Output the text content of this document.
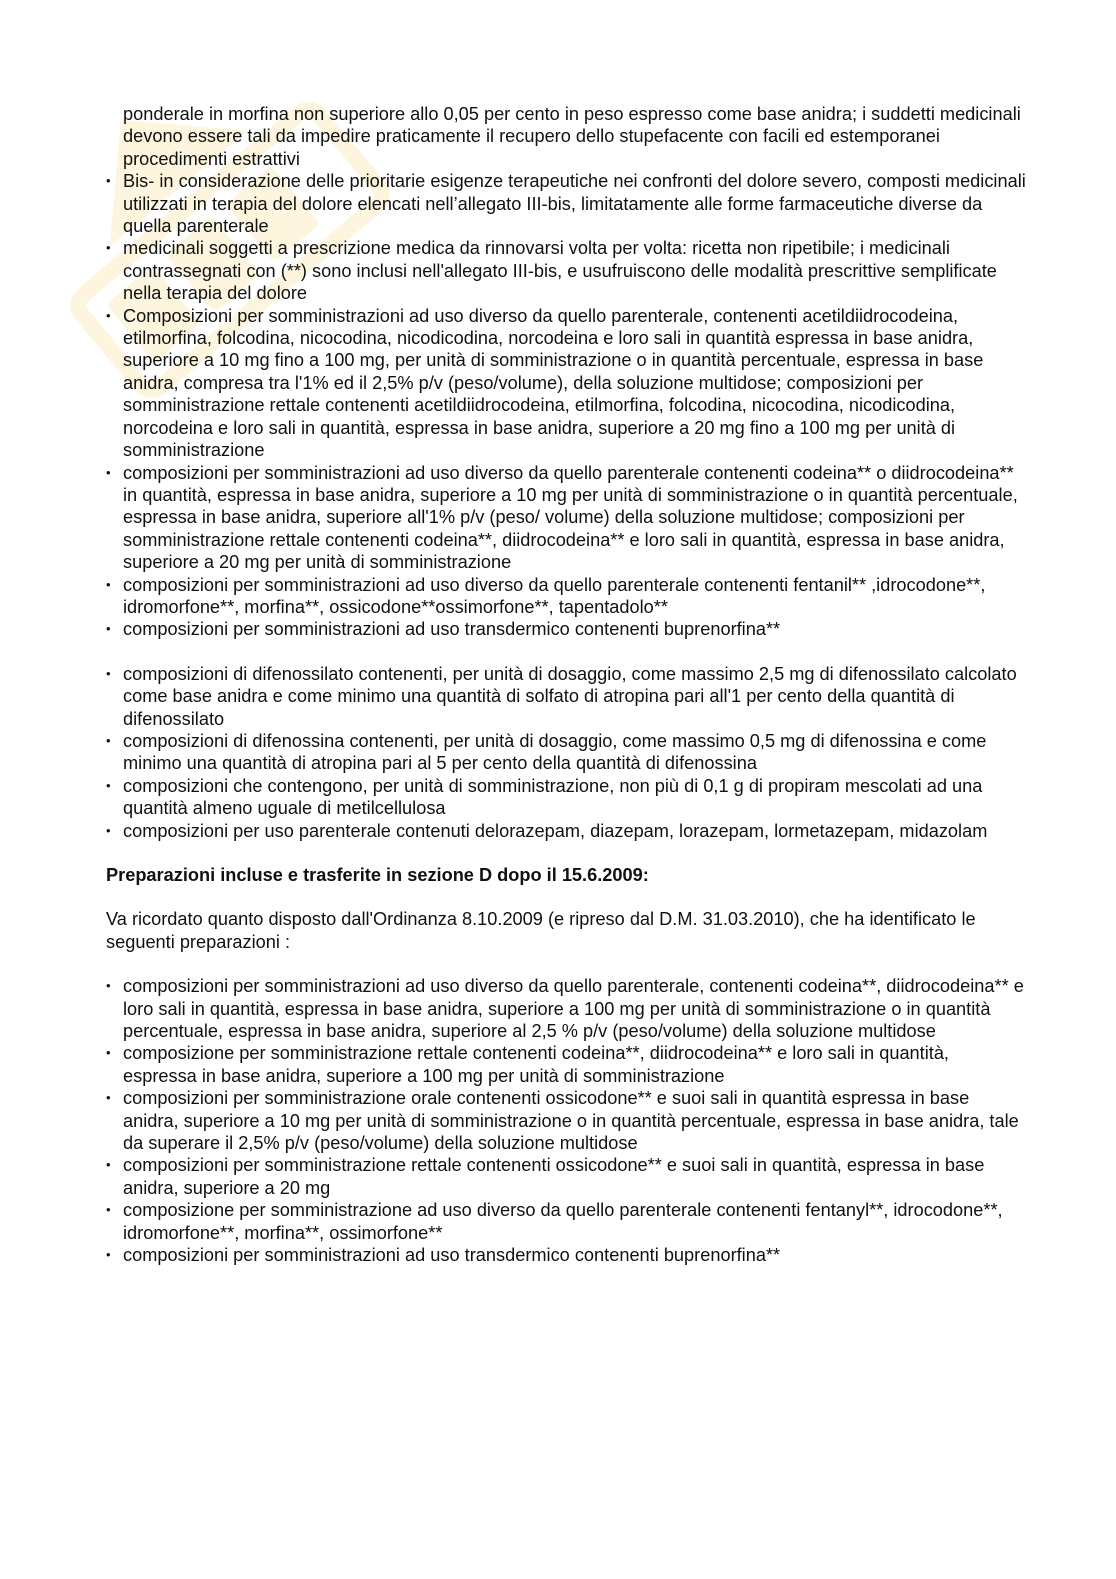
ponderale in morfina non superiore allo 0,05 per cento in peso espresso come base anidra; i suddetti medicinali devono essere tali da impedire praticamente il recupero dello stupefacente con facili ed estemporanei procedimenti estrattivi

• Bis- in considerazione delle prioritarie esigenze terapeutiche nei confronti del dolore severo, composti medicinali utilizzati in terapia del dolore elencati nell’allegato III-bis, limitatamente alle forme farmaceutiche diverse da quella parenterale
• medicinali soggetti a prescrizione medica da rinnovarsi volta per volta: ricetta non ripetibile; i medicinali contrassegnati con (**) sono inclusi nell'allegato III-bis, e usufruiscono delle modalità prescrittive semplificate nella terapia del dolore
• Composizioni per somministrazioni ad uso diverso da quello parenterale, contenenti acetildiidrocodeina, etilmorfina, folcodina, nicocodina, nicodicodina, norcodeina e loro sali in quantità espressa in base anidra, superiore a 10 mg fino a 100 mg, per unità di somministrazione o in quantità percentuale, espressa in base anidra, compresa tra l'1% ed il 2,5% p/v (peso/volume), della soluzione multidose; composizioni per somministrazione rettale contenenti acetildiidrocodeina, etilmorfina, folcodina, nicocodina, nicodicodina, norcodeina e loro sali in quantità, espressa in base anidra, superiore a 20 mg fino a 100 mg per unità di somministrazione
• composizioni per somministrazioni ad uso diverso da quello parenterale contenenti codeina** o diidrocodeina** in quantità, espressa in base anidra, superiore a 10 mg per unità di somministrazione o in quantità percentuale, espressa in base anidra, superiore all'1% p/v (peso/ volume) della soluzione multidose; composizioni per somministrazione rettale contenenti codeina**, diidrocodeina** e loro sali in quantità, espressa in base anidra, superiore a 20 mg per unità di somministrazione
• composizioni per somministrazioni ad uso diverso da quello parenterale contenenti fentanil** ,idrocodone**, idromorfone**, morfina**, ossicodone**ossimorfone**, tapentadolo**
• composizioni per somministrazioni ad uso transdermico contenenti buprenorfina**
• composizioni di difenossilato contenenti, per unità di dosaggio, come massimo 2,5 mg di difenossilato calcolato come base anidra e come minimo una quantità di solfato di atropina pari all'1 per cento della quantità di difenossilato
• composizioni di difenossina contenenti, per unità di dosaggio, come massimo 0,5 mg di difenossina e come minimo una quantità di atropina pari al 5 per cento della quantità di difenossina
• composizioni che contengono, per unità di somministrazione, non più di 0,1 g di propiram mescolati ad una quantità almeno uguale di metilcellulosa
• composizioni per uso parenterale contenuti delorazepam, diazepam, lorazepam, lormetazepam, midazolam

Preparazioni incluse e trasferite in sezione D dopo il 15.6.2009:

Va ricordato quanto disposto dall'Ordinanza 8.10.2009 (e ripreso dal D.M. 31.03.2010), che ha identificato le seguenti preparazioni :

• composizioni per somministrazioni ad uso diverso da quello parenterale, contenenti codeina**, diidrocodeina** e loro sali in quantità, espressa in base anidra, superiore a 100 mg per unità di somministrazione o in quantità percentuale, espressa in base anidra, superiore al 2,5 % p/v (peso/volume) della soluzione multidose
• composizione per somministrazione rettale contenenti codeina**, diidrocodeina** e loro sali in quantità, espressa in base anidra, superiore a 100 mg per unità di somministrazione
• composizioni per somministrazione orale contenenti ossicodone** e suoi sali in quantità espressa in base anidra, superiore a 10 mg per unità di somministrazione o in quantità percentuale, espressa in base anidra, tale da superare il 2,5% p/v (peso/volume) della soluzione multidose
• composizioni per somministrazione rettale contenenti ossicodone** e suoi sali in quantità, espressa in base anidra, superiore a 20 mg
• composizione per somministrazione ad uso diverso da quello parenterale contenenti fentanyl**, idrocodone**, idromorfone**, morfina**, ossimorfone**
• composizioni per somministrazioni ad uso transdermico contenenti buprenorfina**
